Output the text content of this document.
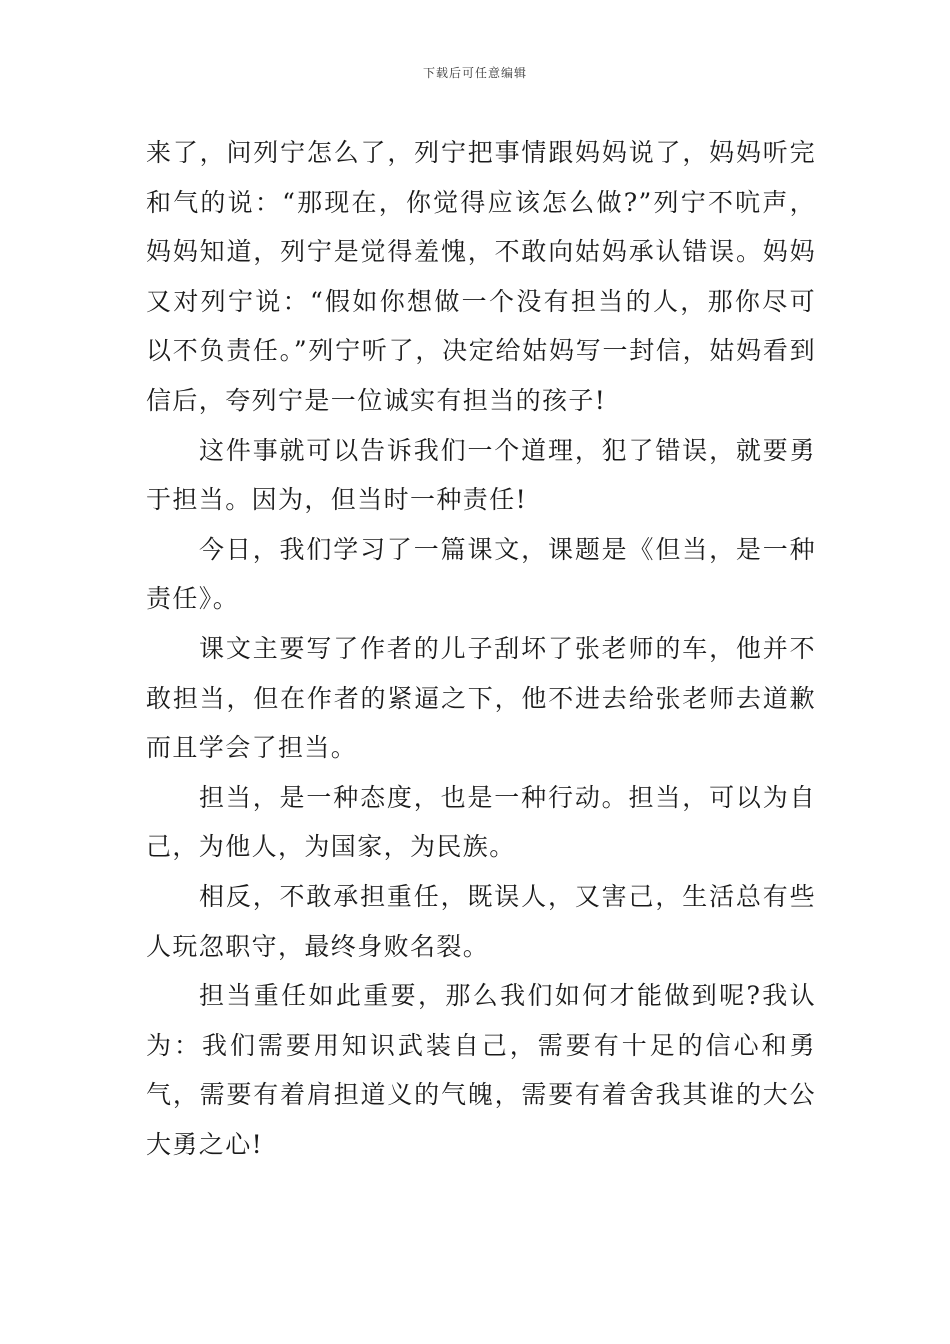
下载后可任意编辑

来了，问列宁怎么了，列宁把事情跟妈妈说了，妈妈听完和气的说：“那现在，你觉得应该怎么做?”列宁不吭声，妈妈知道，列宁是觉得羞愧，不敢向姑妈承认错误。妈妈又对列宁说：“假如你想做一个没有担当的人，那你尽可以不负责任。”列宁听了，决定给姑妈写一封信，姑妈看到信后，夸列宁是一位诚实有担当的孩子!

这件事就可以告诉我们一个道理，犯了错误，就要勇于担当。因为，但当时一种责任!

今日，我们学习了一篇课文，课题是《但当，是一种责任》。

课文主要写了作者的儿子刮坏了张老师的车，他并不敢担当，但在作者的紧逼之下，他不进去给张老师去道歉而且学会了担当。

担当，是一种态度，也是一种行动。担当，可以为自己，为他人，为国家，为民族。

相反，不敢承担重任，既误人，又害己，生活总有些人玩忽职守，最终身败名裂。

担当重任如此重要，那么我们如何才能做到呢?我认为：我们需要用知识武装自己，需要有十足的信心和勇气，需要有着肩担道义的气魄，需要有着舍我其谁的大公大勇之心!
